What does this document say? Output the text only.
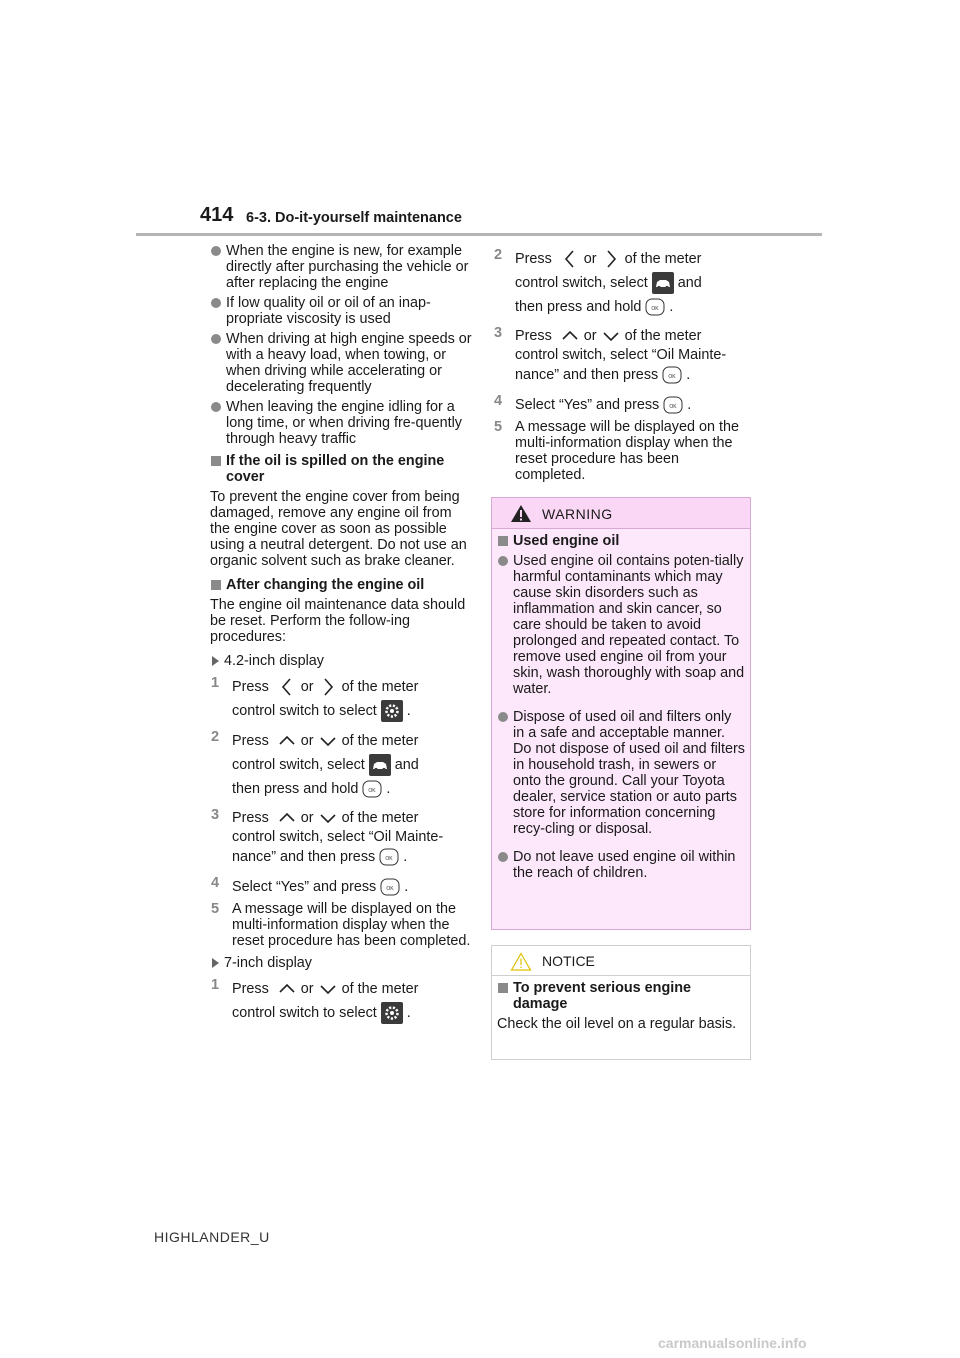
414 6-3. Do-it-yourself maintenance
When the engine is new, for example directly after purchasing the vehicle or after replacing the engine
If low quality oil or oil of an inap-propriate viscosity is used
When driving at high engine speeds or with a heavy load, when towing, or when driving while accelerating or decelerating frequently
When leaving the engine idling for a long time, or when driving fre-quently through heavy traffic
If the oil is spilled on the engine cover

To prevent the engine cover from being damaged, remove any engine oil from the engine cover as soon as possible using a neutral detergent. Do not use an organic solvent such as brake cleaner.

After changing the engine oil

The engine oil maintenance data should be reset. Perform the follow-ing procedures:

4.2-inch display
1 Press or of the meter
control switch to select .
2 Press or of the meter
control switch, select and
then press and hold OK .
3 Press or of the meter
control switch, select “Oil Mainte-
nance” and then press OK .
4 Select “Yes” and press OK .
5 A message will be displayed on the multi-information display when the reset procedure has been completed.
7-inch display
1 Press or of the meter
control switch to select .
2 Press or of the meter
control switch, select and
then press and hold OK .
3 Press or of the meter
control switch, select “Oil Mainte-
nance” and then press OK .
4 Select “Yes” and press OK .
5 A message will be displayed on the multi-information display when the reset procedure has been completed.
WARNING
Used engine oil
Used engine oil contains poten-tially harmful contaminants which may cause skin disorders such as inflammation and skin cancer, so care should be taken to avoid prolonged and repeated contact. To remove used engine oil from your skin, wash thoroughly with soap and water.
Dispose of used oil and filters only in a safe and acceptable manner. Do not dispose of used oil and filters in household trash, in sewers or onto the ground. Call your Toyota dealer, service station or auto parts store for information concerning recy-cling or disposal.
Do not leave used engine oil within the reach of children.
NOTICE
To prevent serious engine damage

Check the oil level on a regular basis.

HIGHLANDER_U
carmanualsonline.info
